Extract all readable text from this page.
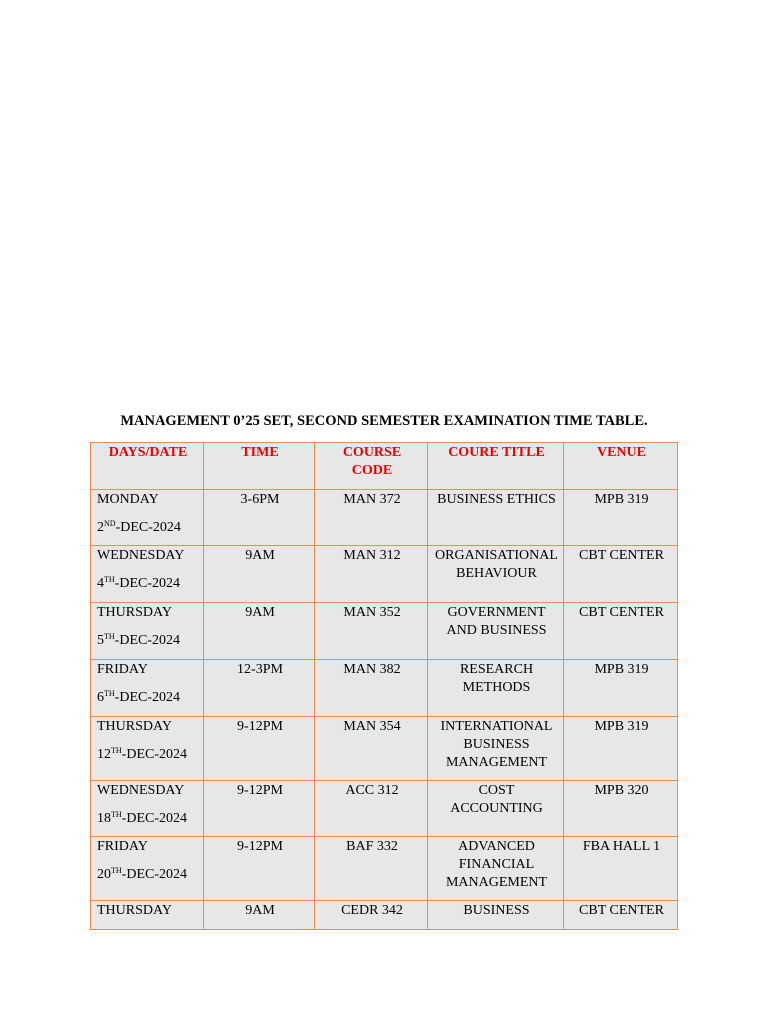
MANAGEMENT 0’25 SET, SECOND SEMESTER EXAMINATION TIME TABLE.
DAYS/DATE	TIME	COURSE CODE	COURE TITLE	VENUE

MONDAY
2ND-DEC-2024	3-6PM	MAN 372	BUSINESS ETHICS	MPB 319

WEDNESDAY
4TH-DEC-2024	9AM	MAN 312	ORGANISATIONAL BEHAVIOUR	CBT CENTER

THURSDAY
5TH-DEC-2024	9AM	MAN 352	GOVERNMENT AND BUSINESS	CBT CENTER

FRIDAY
6TH-DEC-2024	12-3PM	MAN 382	RESEARCH METHODS	MPB 319

THURSDAY
12TH-DEC-2024	9-12PM	MAN 354	INTERNATIONAL BUSINESS MANAGEMENT	MPB 319

WEDNESDAY
18TH-DEC-2024	9-12PM	ACC 312	COST ACCOUNTING	MPB 320

FRIDAY
20TH-DEC-2024	9-12PM	BAF 332	ADVANCED FINANCIAL MANAGEMENT	FBA HALL 1
THURSDAY	9AM	CEDR 342	BUSINESS	CBT CENTER
